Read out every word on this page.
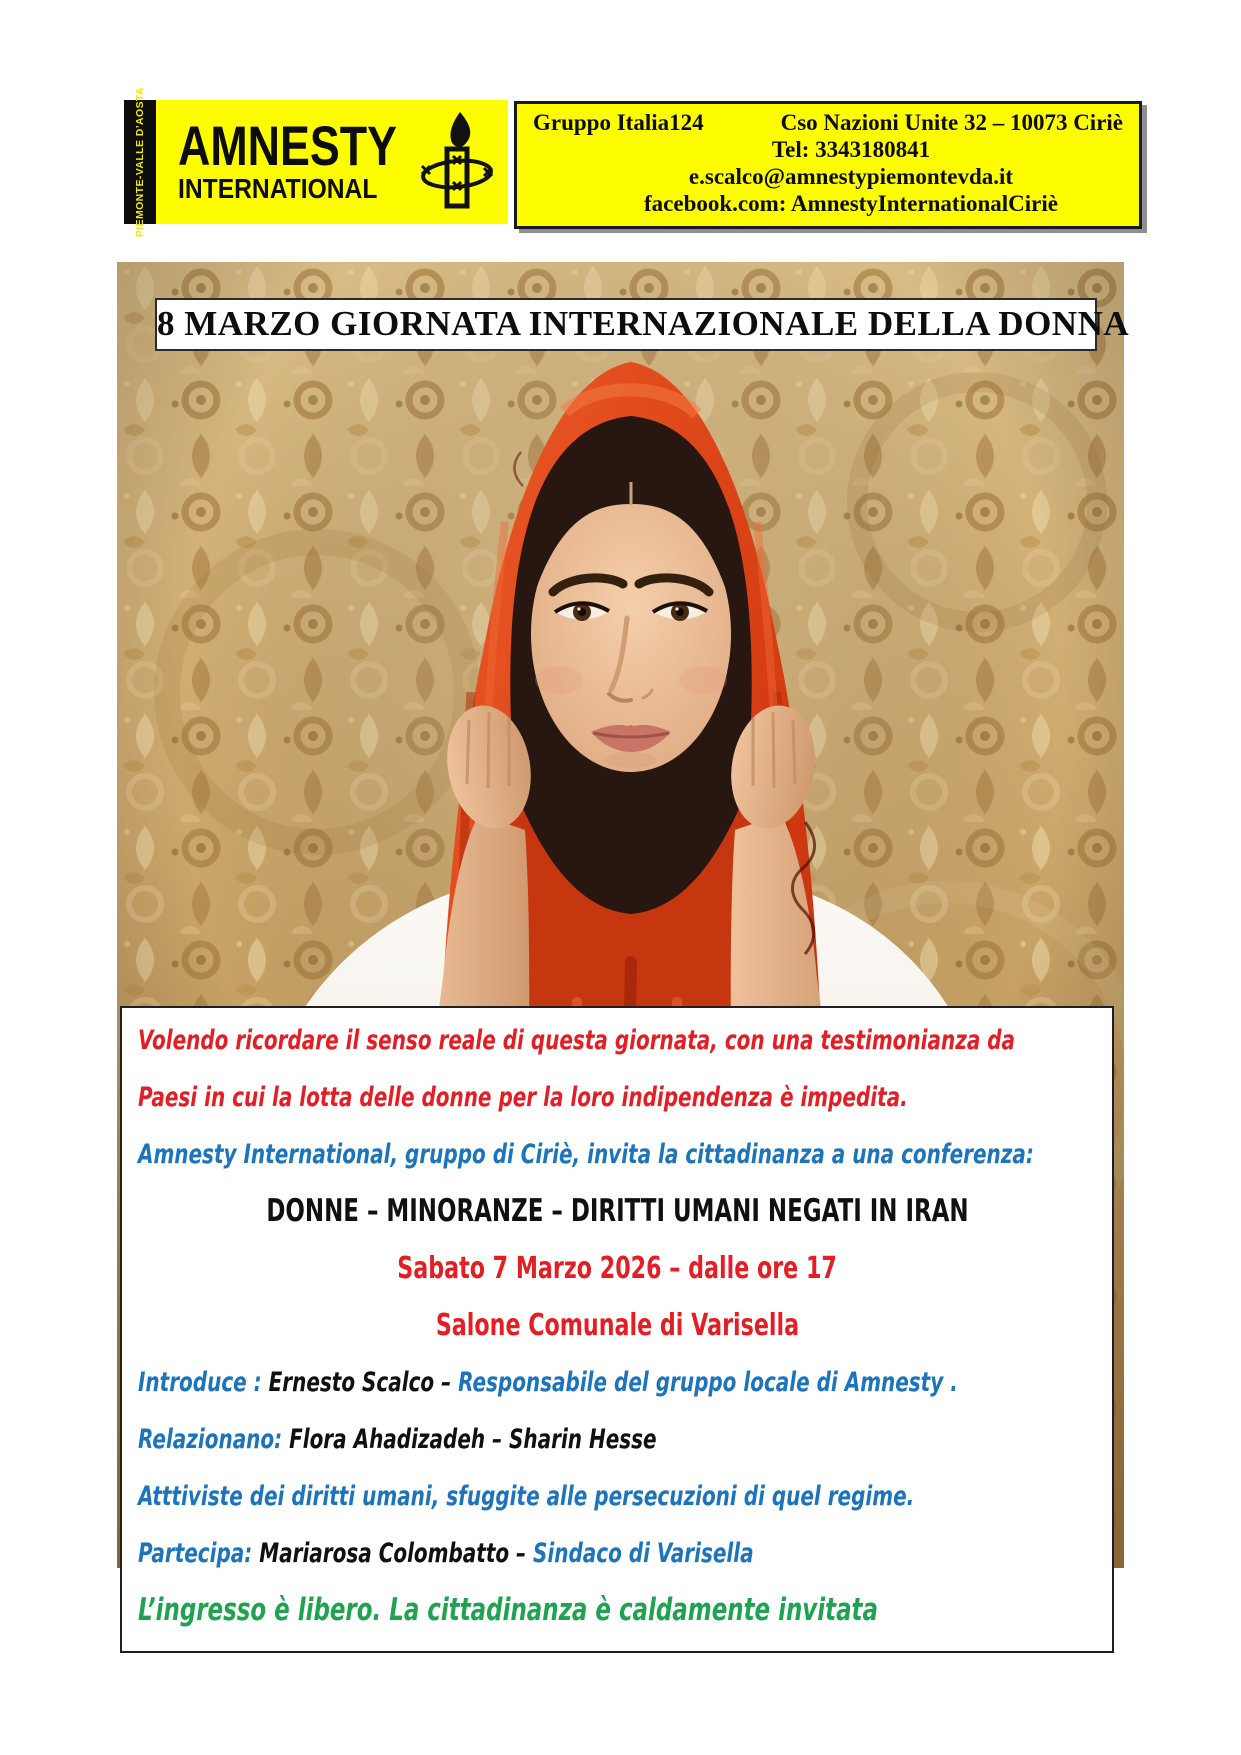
PIEMONTE-VALLE D’AOSTA AMNESTY
INTERNATIONAL
Gruppo Italia124	Cso Nazioni Unite 32 – 10073 Ciriè

Tel: 3343180841

e.scalco@amnestypiemontevda.it

facebook.com: AmnestyInternationalCiriè

8 MARZO GIORNATA INTERNAZIONALE DELLA DONNA

Volendo ricordare il senso reale di questa giornata, con una testimonianza da

Paesi in cui la lotta delle donne per la loro indipendenza è impedita.

Amnesty International, gruppo di Ciriè, invita la cittadinanza a una conferenza:

DONNE – MINORANZE – DIRITTI UMANI NEGATI IN IRAN

Sabato 7 Marzo 2026 – dalle ore 17

Salone Comunale di Varisella

Introduce : Ernesto Scalco – Responsabile del gruppo locale di Amnesty .

Relazionano: Flora Ahadizadeh – Sharin Hesse

Atttiviste dei diritti umani, sfuggite alle persecuzioni di quel regime.

Partecipa: Mariarosa Colombatto – Sindaco di Varisella

L’ingresso è libero. La cittadinanza è caldamente invitata
